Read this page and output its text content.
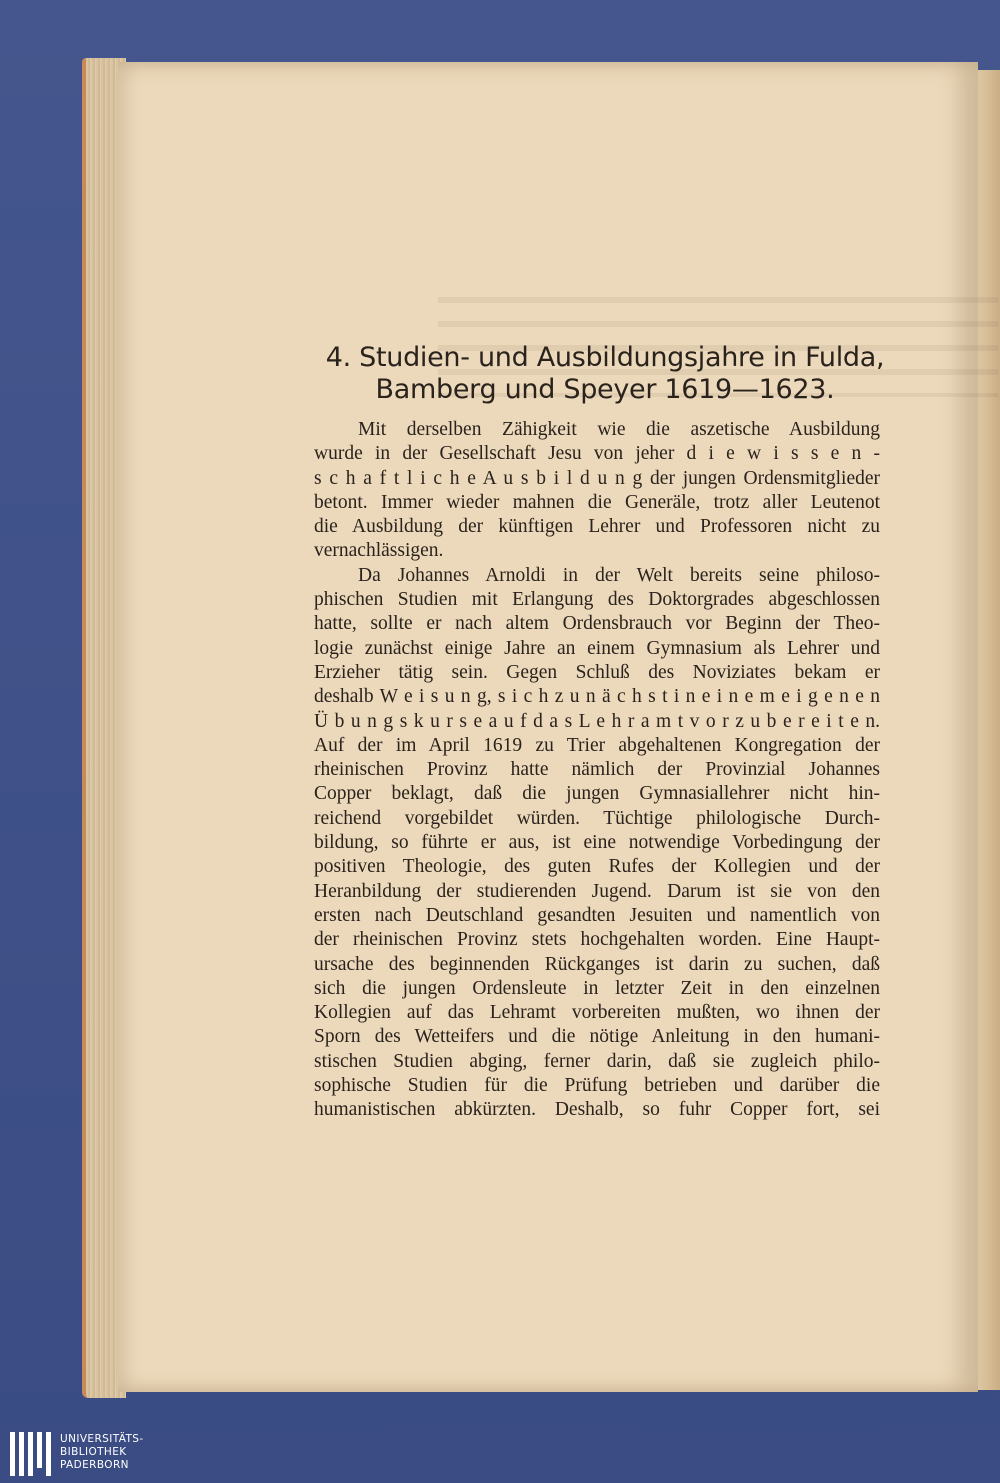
4. Studien- und Ausbildungsjahre in Fulda,
Bamberg und Speyer 1619—1623.

Mit derselben Zähigkeit wie die aszetische Ausbildung
wurde in der Gesellschaft Jesu von jeher d i e w i s s e n -
s c h a f t l i c h e A u s b i l d u n g der jungen Ordensmitglieder
betont. Immer wieder mahnen die Generäle, trotz aller Leutenot
die Ausbildung der künftigen Lehrer und Professoren nicht zu
vernachlässigen.

Da Johannes Arnoldi in der Welt bereits seine philoso-
phischen Studien mit Erlangung des Doktorgrades abgeschlossen
hatte, sollte er nach altem Ordensbrauch vor Beginn der Theo-
logie zunächst einige Jahre an einem Gymnasium als Lehrer und
Erzieher tätig sein. Gegen Schluß des Noviziates bekam er
deshalb W e i s u n g, s i c h z u n ä c h s t i n e i n e m e i g e n e n
Ü b u n g s k u r s e a u f d a s L e h r a m t v o r z u b e r e i t e n.
Auf der im April 1619 zu Trier abgehaltenen Kongregation der
rheinischen Provinz hatte nämlich der Provinzial Johannes
Copper beklagt, daß die jungen Gymnasiallehrer nicht hin-
reichend vorgebildet würden. Tüchtige philologische Durch-
bildung, so führte er aus, ist eine notwendige Vorbedingung der
positiven Theologie, des guten Rufes der Kollegien und der
Heranbildung der studierenden Jugend. Darum ist sie von den
ersten nach Deutschland gesandten Jesuiten und namentlich von
der rheinischen Provinz stets hochgehalten worden. Eine Haupt-
ursache des beginnenden Rückganges ist darin zu suchen, daß
sich die jungen Ordensleute in letzter Zeit in den einzelnen
Kollegien auf das Lehramt vorbereiten mußten, wo ihnen der
Sporn des Wetteifers und die nötige Anleitung in den humani-
stischen Studien abging, ferner darin, daß sie zugleich philo-
sophische Studien für die Prüfung betrieben und darüber die
humanistischen abkürzten. Deshalb, so fuhr Copper fort, sei

UNIVERSITÄTS-
BIBLIOTHEK
PADERBORN
